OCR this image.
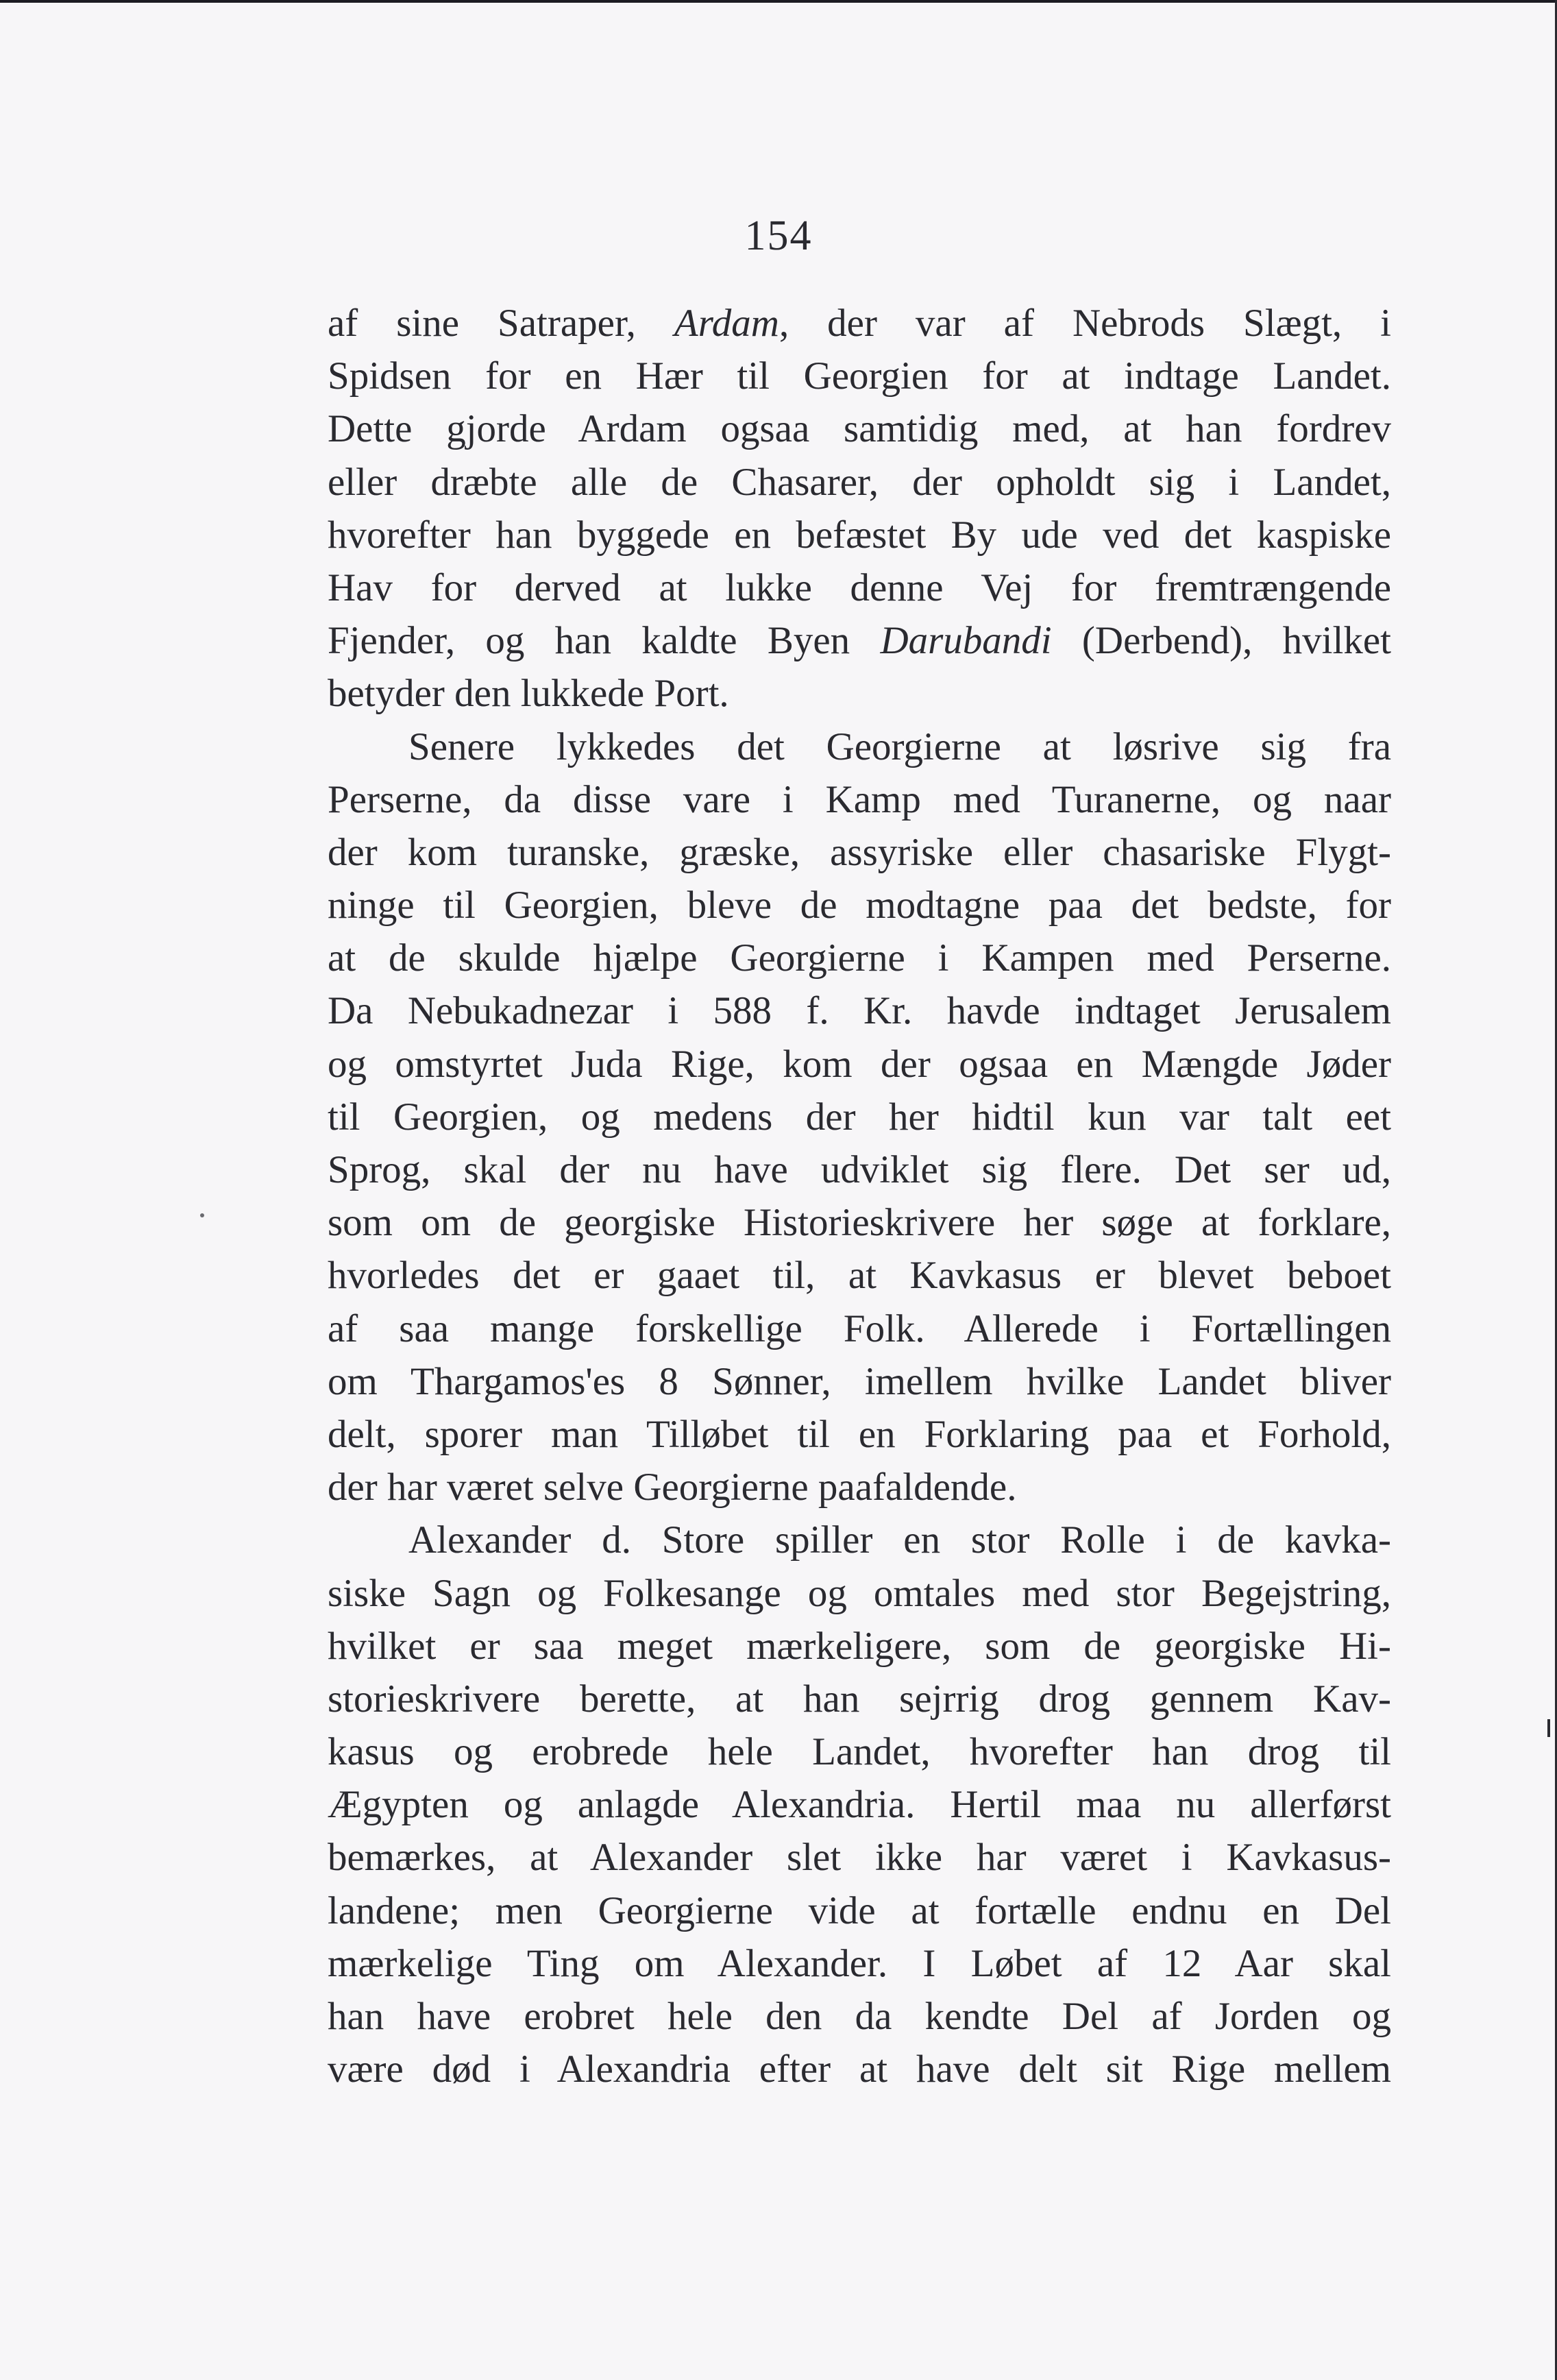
154
af sine Satraper, Ardam, der var af Nebrods Slægt, i
Spidsen for en Hær til Georgien for at indtage Landet.
Dette gjorde Ardam ogsaa samtidig med, at han fordrev
eller dræbte alle de Chasarer, der opholdt sig i Landet,
hvorefter han byggede en befæstet By ude ved det kaspiske
Hav for derved at lukke denne Vej for fremtrængende
Fjender, og han kaldte Byen Darubandi (Derbend), hvilket
betyder den lukkede Port.
Senere lykkedes det Georgierne at løsrive sig fra
Perserne, da disse vare i Kamp med Turanerne, og naar
der kom turanske, græske, assyriske eller chasariske Flygt-
ninge til Georgien, bleve de modtagne paa det bedste, for
at de skulde hjælpe Georgierne i Kampen med Perserne.
Da Nebukadnezar i 588 f. Kr. havde indtaget Jerusalem
og omstyrtet Juda Rige, kom der ogsaa en Mængde Jøder
til Georgien, og medens der her hidtil kun var talt eet
Sprog, skal der nu have udviklet sig flere. Det ser ud,
som om de georgiske Historieskrivere her søge at forklare,
hvorledes det er gaaet til, at Kavkasus er blevet beboet
af saa mange forskellige Folk. Allerede i Fortællingen
om Thargamos'es 8 Sønner, imellem hvilke Landet bliver
delt, sporer man Tilløbet til en Forklaring paa et Forhold,
der har været selve Georgierne paafaldende.
Alexander d. Store spiller en stor Rolle i de kavka-
siske Sagn og Folkesange og omtales med stor Begejstring,
hvilket er saa meget mærkeligere, som de georgiske Hi-
storieskrivere berette, at han sejrrig drog gennem Kav-
kasus og erobrede hele Landet, hvorefter han drog til
Ægypten og anlagde Alexandria. Hertil maa nu allerførst
bemærkes, at Alexander slet ikke har været i Kavkasus-
landene; men Georgierne vide at fortælle endnu en Del
mærkelige Ting om Alexander. I Løbet af 12 Aar skal
han have erobret hele den da kendte Del af Jorden og
være død i Alexandria efter at have delt sit Rige mellem
